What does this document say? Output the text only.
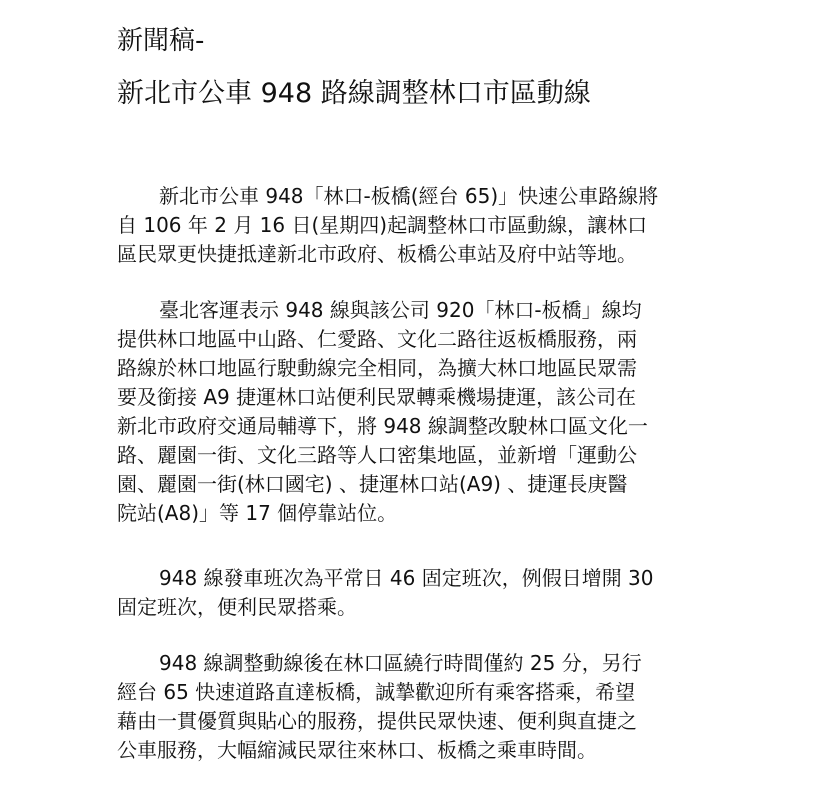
新聞稿-
新北市公車 948 路線調整林口市區動線

新北市公車 948「林口-板橋(經台 65)」快速公車路線將
自 106 年 2 月 16 日(星期四)起調整林口市區動線，讓林口
區民眾更快捷抵達新北市政府、板橋公車站及府中站等地。

臺北客運表示 948 線與該公司 920「林口-板橋」線均
提供林口地區中山路、仁愛路、文化二路往返板橋服務，兩
路線於林口地區行駛動線完全相同，為擴大林口地區民眾需
要及銜接 A9 捷運林口站便利民眾轉乘機場捷運，該公司在
新北市政府交通局輔導下，將 948 線調整改駛林口區文化一
路、麗園一街、文化三路等人口密集地區，並新增「運動公
園、麗園一街(林口國宅) 、捷運林口站(A9) 、捷運長庚醫
院站(A8)」等 17 個停靠站位。

948 線發車班次為平常日 46 固定班次，例假日增開 30
固定班次，便利民眾搭乘。

948 線調整動線後在林口區繞行時間僅約 25 分，另行
經台 65 快速道路直達板橋，誠摯歡迎所有乘客搭乘，希望
藉由一貫優質與貼心的服務，提供民眾快速、便利與直捷之
公車服務，大幅縮減民眾往來林口、板橋之乘車時間。
